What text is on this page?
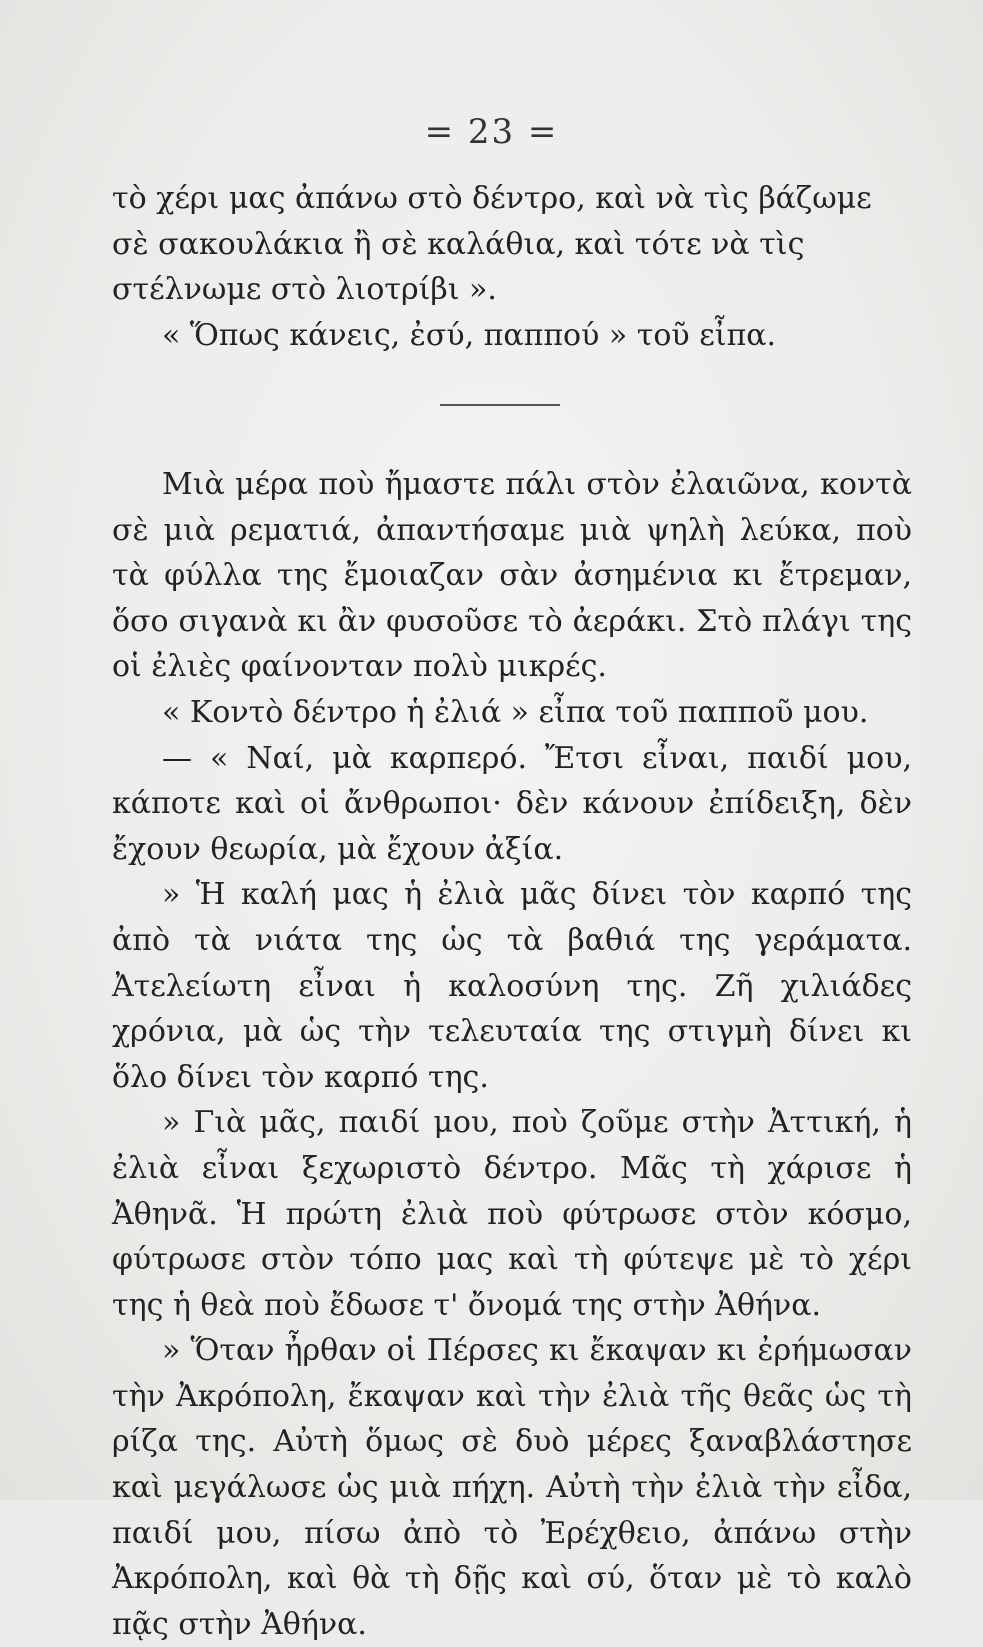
= 23 =

τὸ χέρι μας ἀπάνω στὸ δέντρο, καὶ νὰ τὶς βάζωμε σὲ σακουλάκια ἢ σὲ καλάθια, καὶ τότε νὰ τὶς στέλνωμε στὸ λιοτρίβι ».

« Ὅπως κάνεις, ἐσύ, παππού » τοῦ εἶπα.

Μιὰ μέρα ποὺ ἤμαστε πάλι στὸν ἐλαιῶνα, κοντὰ σὲ μιὰ ρεματιά, ἀπαντήσαμε μιὰ ψηλὴ λεύκα, ποὺ τὰ φύλλα της ἔμοιαζαν σὰν ἀσημένια κι ἔτρεμαν, ὅσο σιγανὰ κι ἂν φυσοῦσε τὸ ἀεράκι. Στὸ πλάγι της οἱ ἐλιὲς φαίνονταν πολὺ μικρές.

« Κοντὸ δέντρο ἡ ἐλιά » εἶπα τοῦ παπποῦ μου.

— « Ναί, μὰ καρπερό. Ἔτσι εἶναι, παιδί μου, κάποτε καὶ οἱ ἄνθρωποι· δὲν κάνουν ἐπίδειξη, δὲν ἔχουν θεωρία, μὰ ἔχουν ἀξία.

» Ἡ καλή μας ἡ ἐλιὰ μᾶς δίνει τὸν καρπό της ἀπὸ τὰ νιάτα της ὡς τὰ βαθιά της γεράματα. Ἀτελείωτη εἶναι ἡ καλοσύνη της. Ζῆ χιλιάδες χρόνια, μὰ ὡς τὴν τελευταία της στιγμὴ δίνει κι ὅλο δίνει τὸν καρπό της.

» Γιὰ μᾶς, παιδί μου, ποὺ ζοῦμε στὴν Ἀττική, ἡ ἐλιὰ εἶναι ξεχωριστὸ δέντρο. Μᾶς τὴ χάρισε ἡ Ἀθηνᾶ. Ἡ πρώτη ἐλιὰ ποὺ φύτρωσε στὸν κόσμο, φύτρωσε στὸν τόπο μας καὶ τὴ φύτεψε μὲ τὸ χέρι της ἡ θεὰ ποὺ ἔδωσε τ' ὄνομά της στὴν Ἀθήνα.

» Ὅταν ἦρθαν οἱ Πέρσες κι ἔκαψαν κι ἐρήμωσαν τὴν Ἀκρόπολη, ἔκαψαν καὶ τὴν ἐλιὰ τῆς θεᾶς ὡς τὴ ρίζα της. Αὐτὴ ὅμως σὲ δυὸ μέρες ξαναβλάστησε καὶ μεγάλωσε ὡς μιὰ πήχη. Αὐτὴ τὴν ἐλιὰ τὴν εἶδα, παιδί μου, πίσω ἀπὸ τὸ Ἐρέχθειο, ἀπάνω στὴν Ἀκρόπολη, καὶ θὰ τὴ δῇς καὶ σύ, ὅταν μὲ τὸ καλὸ πᾷς στὴν Ἀθήνα.
